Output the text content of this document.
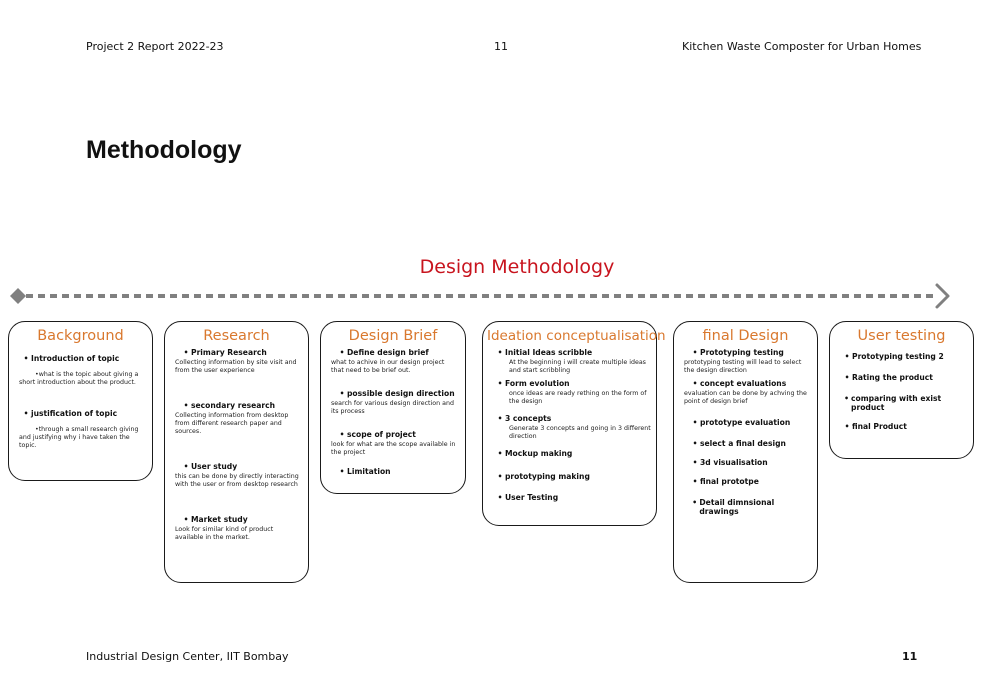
Project 2 Report 2022-23	11	Kitchen Waste Composter for Urban Homes
Methodology
Design Methodology
Background
• Introduction of topic
•what is the topic about giving a short introduction about the product.
• justification of topic
•through a small research giving and justifying why i have taken the topic.
Research
• Primary Research
Collecting information by site visit and from the user experience
• secondary research
Collecting information from desktop from different research paper and sources.
• User study
this can be done by directly interacting with the user or from desktop research
• Market study
Look for similar kind of product available in the market.
Design Brief
• Define design brief
what to achive in our design project that need to be brief out.
• possible design direction
search for various design direction and its process
• scope of project
look for what are the scope available in the project
• Limitation
Ideation conceptualisation
• Initial Ideas scribble
At the beginning i will create multiple ideas and start scribbling
• Form evolution
once ideas are ready rething on the form of the design
• 3 concepts
Generate 3 concepts and going in 3 different direction
• Mockup making
• prototyping making
• User Testing
final Design
• Prototyping testing
prototyping testing will lead to select the design direction
• concept evaluations
evaluation can be done by achving the point of design brief
• prototype evaluation
• select a final design
• 3d visualisation
• final prototpe
• Detail dimnsional drawings
User testing
• Prototyping testing 2
• Rating the product
• comparing with exist product
• final Product
Industrial Design Center, IIT Bombay	11
